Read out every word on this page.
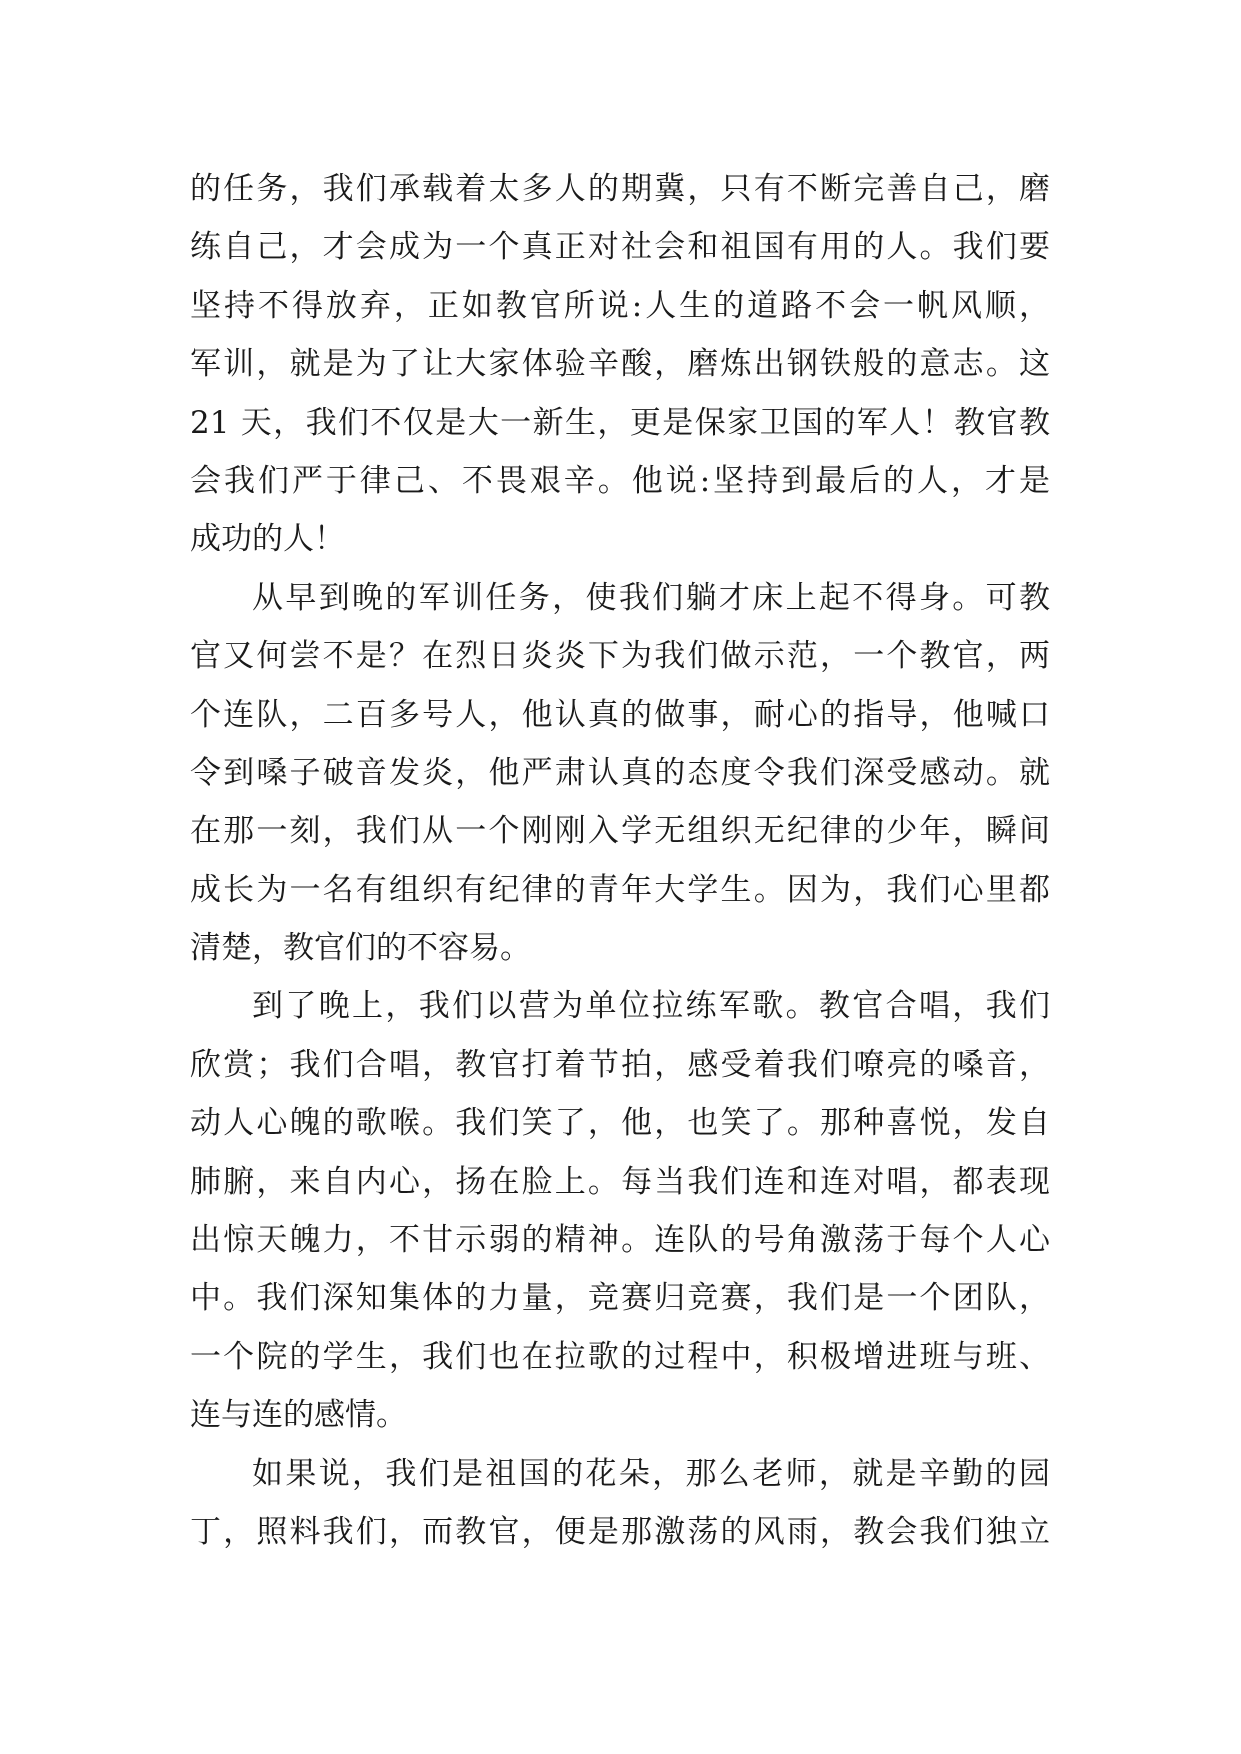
的任务，我们承载着太多人的期冀，只有不断完善自己，磨
练自己，才会成为一个真正对社会和祖国有用的人。我们要
坚持不得放弃，正如教官所说:人生的道路不会一帆风顺，
军训，就是为了让大家体验辛酸，磨炼出钢铁般的意志。这
21 天，我们不仅是大一新生，更是保家卫国的军人！教官教
会我们严于律己、不畏艰辛。他说:坚持到最后的人，才是
成功的人！
从早到晚的军训任务，使我们躺才床上起不得身。可教
官又何尝不是？在烈日炎炎下为我们做示范，一个教官，两
个连队，二百多号人，他认真的做事，耐心的指导，他喊口
令到嗓子破音发炎，他严肃认真的态度令我们深受感动。就
在那一刻，我们从一个刚刚入学无组织无纪律的少年，瞬间
成长为一名有组织有纪律的青年大学生。因为，我们心里都
清楚，教官们的不容易。
到了晚上，我们以营为单位拉练军歌。教官合唱，我们
欣赏；我们合唱，教官打着节拍，感受着我们嘹亮的嗓音，
动人心魄的歌喉。我们笑了，他，也笑了。那种喜悦，发自
肺腑，来自内心，扬在脸上。每当我们连和连对唱，都表现
出惊天魄力，不甘示弱的精神。连队的号角激荡于每个人心
中。我们深知集体的力量，竞赛归竞赛，我们是一个团队，
一个院的学生，我们也在拉歌的过程中，积极增进班与班、
连与连的感情。
如果说，我们是祖国的花朵，那么老师，就是辛勤的园
丁，照料我们，而教官，便是那激荡的风雨，教会我们独立
